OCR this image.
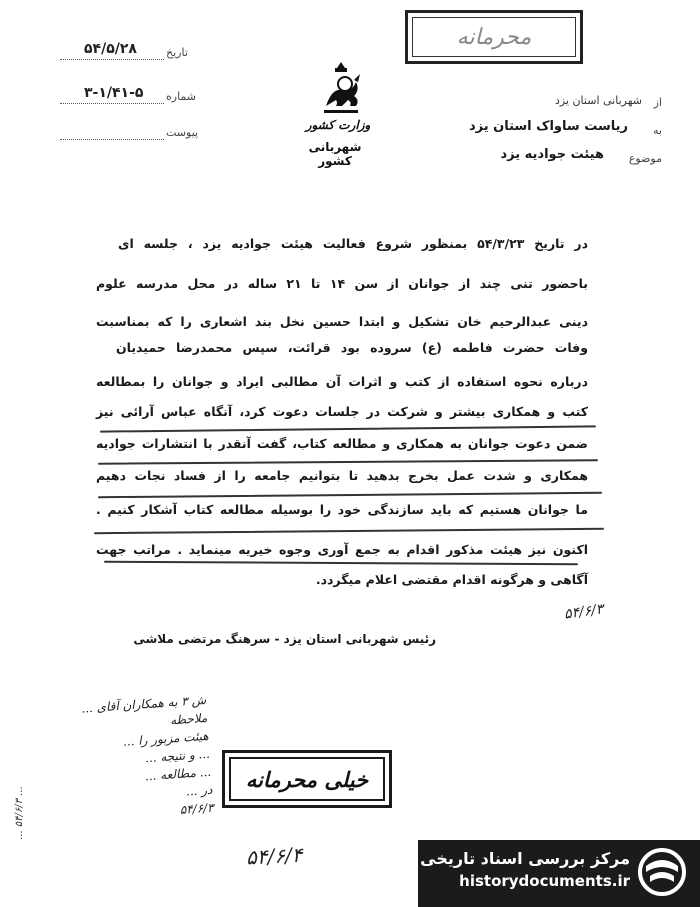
محرمانه
تاریخ
۵۴/۵/۲۸
شماره
۳-۱/۴۱-۵
پیوست
وزارت کشور
شهربانی کشور
از
شهربانی استان یزد
به
ریاست ساواک استان یزد
موضوع
هیئت جوادیه یزد
در تاریخ ۵۴/۳/۲۳ بمنظور شروع فعالیت هیئت جوادیه یزد ، جلسه ای
باحضور تنی چند از جوانان از سن ۱۴ تا ۲۱ ساله در محل مدرسه علوم
دینی عبدالرحیم خان تشکیل و ابتدا حسین نخل بند اشعاری را که بمناسبت
وفات حضرت فاطمه (ع) سروده بود قرائت، سپس محمدرضا حمیدیان
درباره نحوه استفاده از کتب و اثرات آن مطالبی ایراد و جوانان را بمطالعه
کتب و همکاری بیشتر و شرکت در جلسات دعوت کرد، آنگاه عباس آرائی نیز
ضمن دعوت جوانان به همکاری و مطالعه کتاب، گفت آنقدر با انتشارات جوادیه
همکاری و شدت عمل بخرج بدهید تا بتوانیم جامعه را از فساد نجات دهیم
ما جوانان هستیم که باید سازندگی خود را بوسیله مطالعه کتاب آشکار کنیم .
اکنون نیز هیئت مذکور اقدام به جمع آوری وجوه خیریه مینماید . مراتب جهت
آگاهی و هرگونه اقدام مقتضی اعلام میگردد.
۵۴/۶/۳
رئیس شهربانی استان یزد - سرهنگ مرتضی ملاشی
ش ۳ به همکاران آقای ... ملاحظه
هیئت مزبور را ...
... و نتیجه ...
... مطالعه ...
در ...
۵۴/۶/۳
... ۵۴/۶/۳ ...
خیلی محرمانه
۵۴/۶/۴	مرکز بررسی اسناد تاریخی
historydocuments.ir
